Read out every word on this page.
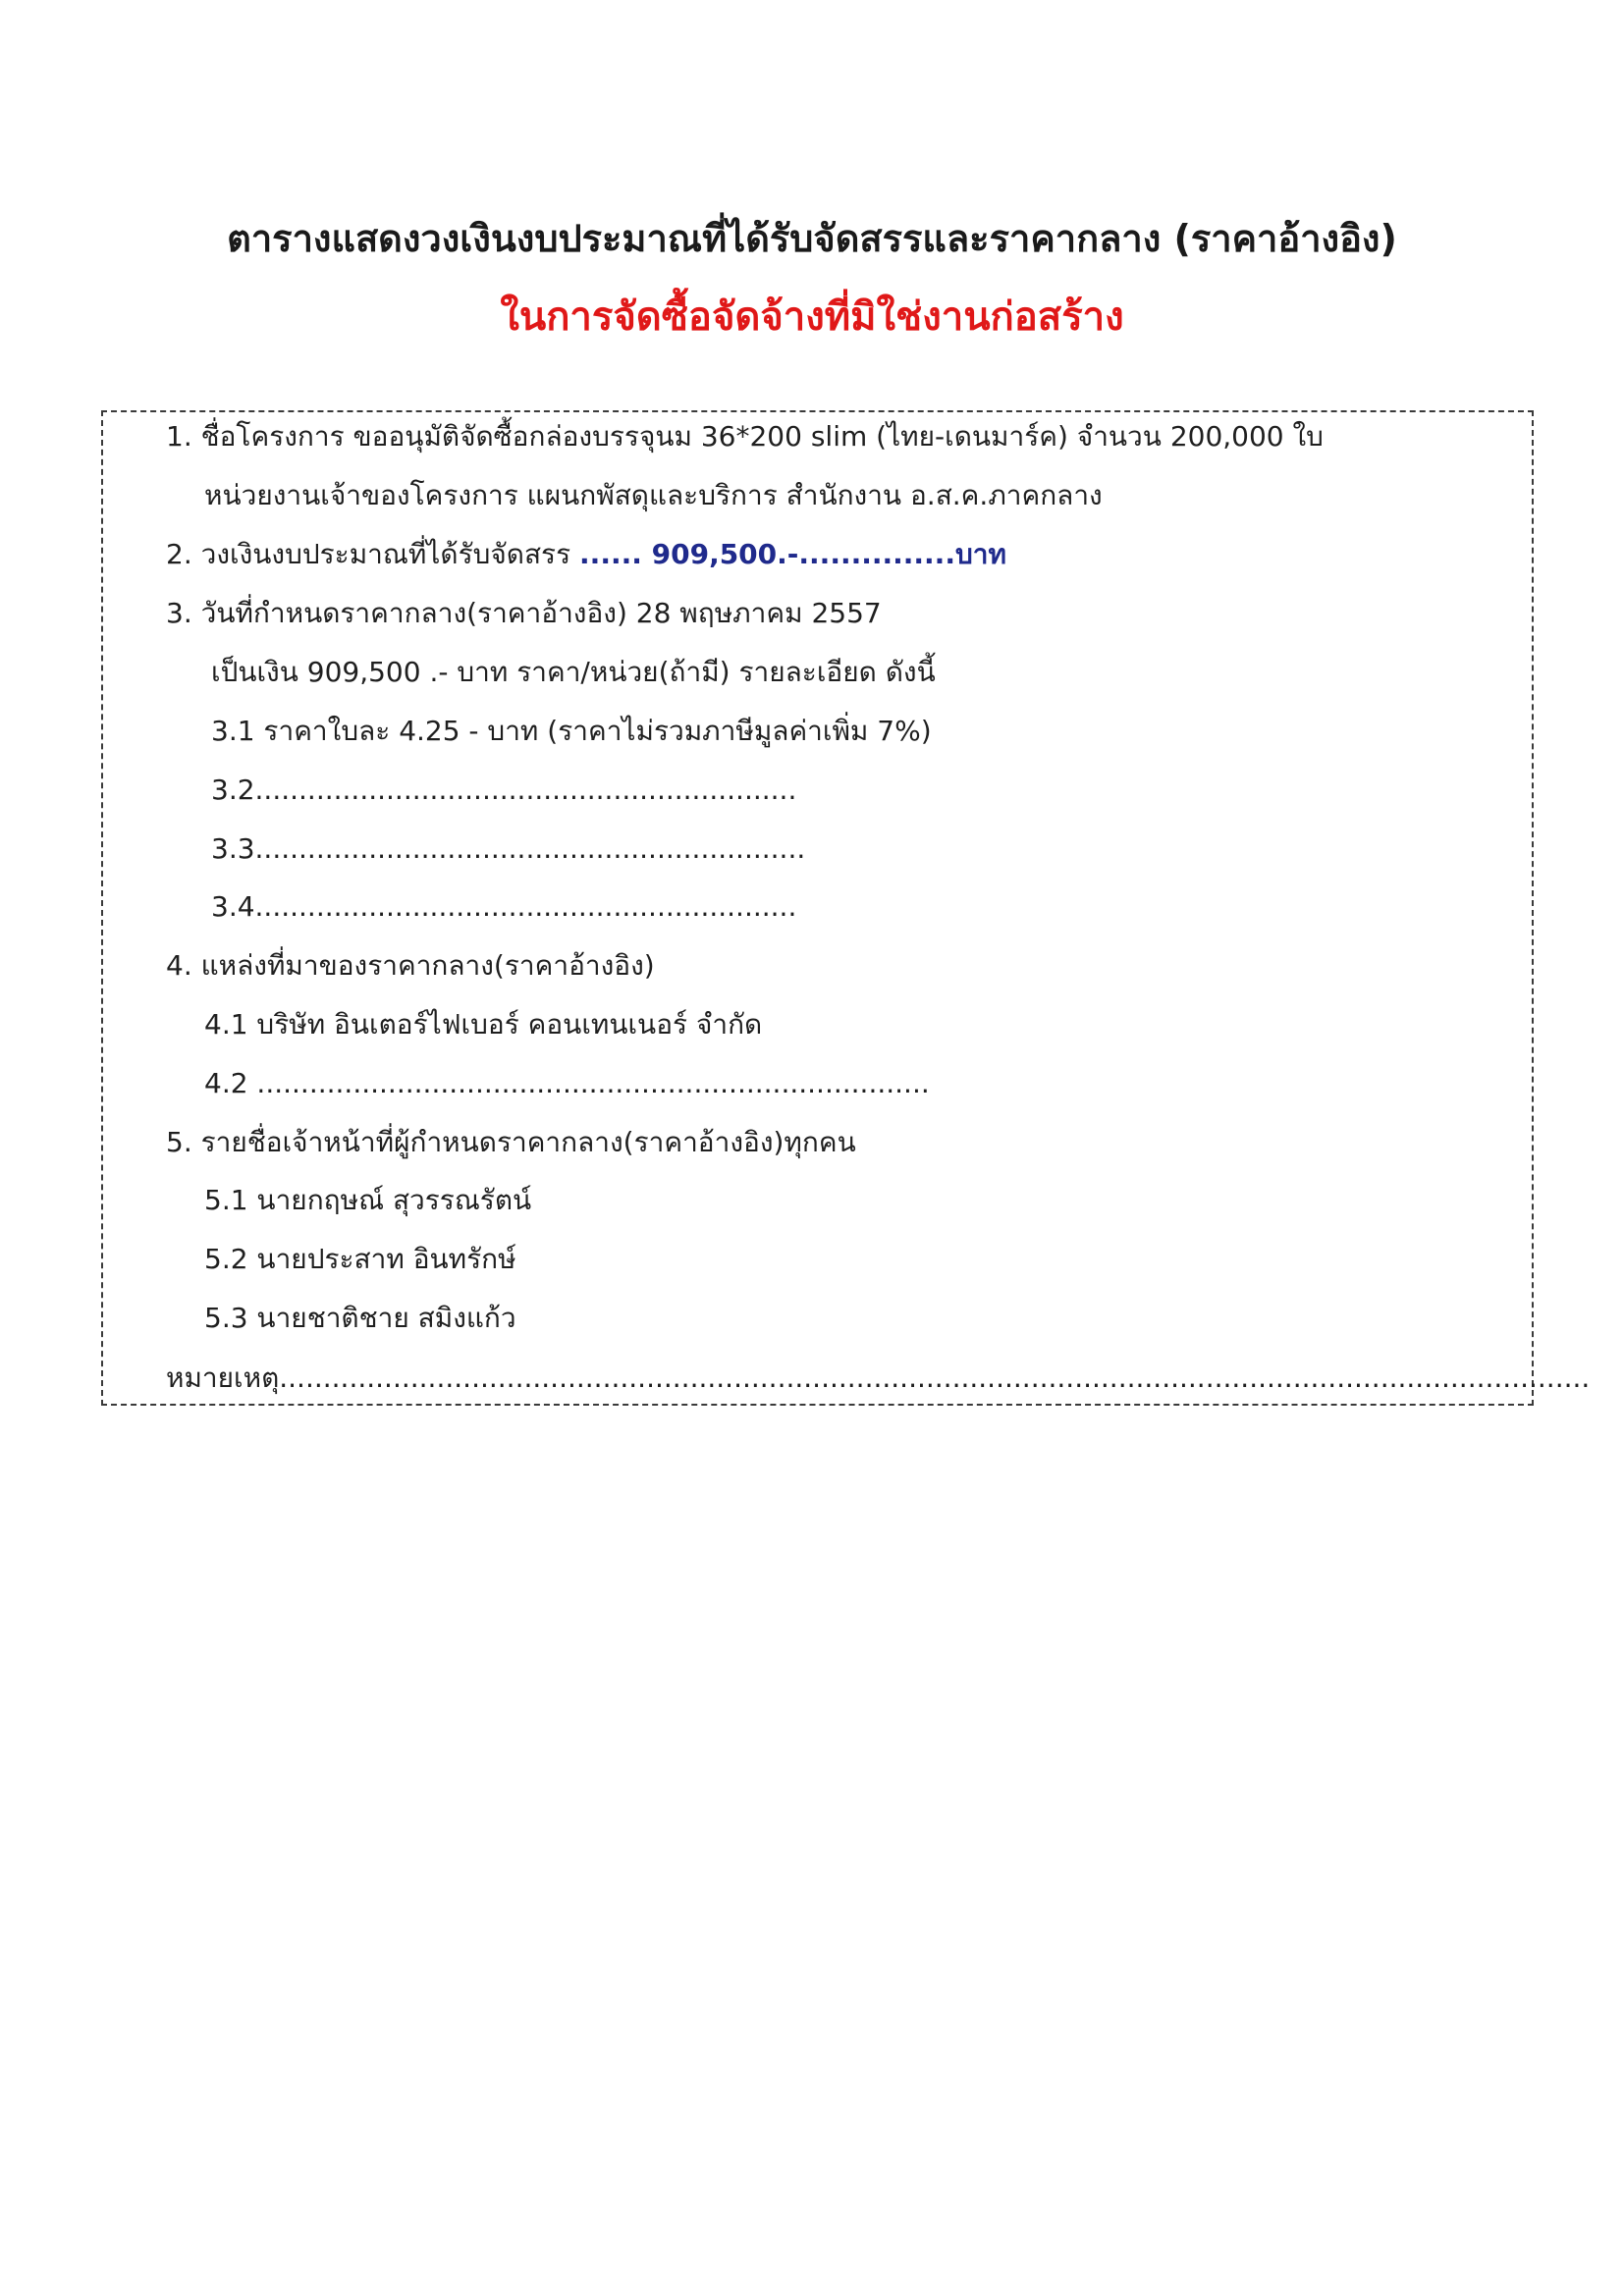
ตารางแสดงวงเงินงบประมาณที่ได้รับจัดสรรและราคากลาง (ราคาอ้างอิง)
ในการจัดซื้อจัดจ้างที่มิใช่งานก่อสร้าง
1. ชื่อโครงการ ขออนุมัติจัดซื้อกล่องบรรจุนม 36*200 slim (ไทย-เดนมาร์ค) จำนวน 200,000 ใบ
หน่วยงานเจ้าของโครงการ แผนกพัสดุและบริการ สำนักงาน อ.ส.ค.ภาคกลาง
2. วงเงินงบประมาณที่ได้รับจัดสรร ...... 909,500.-...............บาท
3. วันที่กำหนดราคากลาง(ราคาอ้างอิง) 28 พฤษภาคม 2557
เป็นเงิน 909,500 .- บาท ราคา/หน่วย(ถ้ามี) รายละเอียด ดังนี้
3.1 ราคาใบละ 4.25 - บาท (ราคาไม่รวมภาษีมูลค่าเพิ่ม 7%)
3.2..............................................................
3.3...............................................................
3.4..............................................................
4. แหล่งที่มาของราคากลาง(ราคาอ้างอิง)
4.1 บริษัท อินเตอร์ไฟเบอร์ คอนเทนเนอร์ จำกัด
4.2 .............................................................................
5. รายชื่อเจ้าหน้าที่ผู้กำหนดราคากลาง(ราคาอ้างอิง)ทุกคน
5.1 นายกฤษณ์ สุวรรณรัตน์
5.2 นายประสาท อินทรักษ์
5.3 นายชาติชาย สมิงแก้ว
หมายเหตุ......................................................................................................................................................
